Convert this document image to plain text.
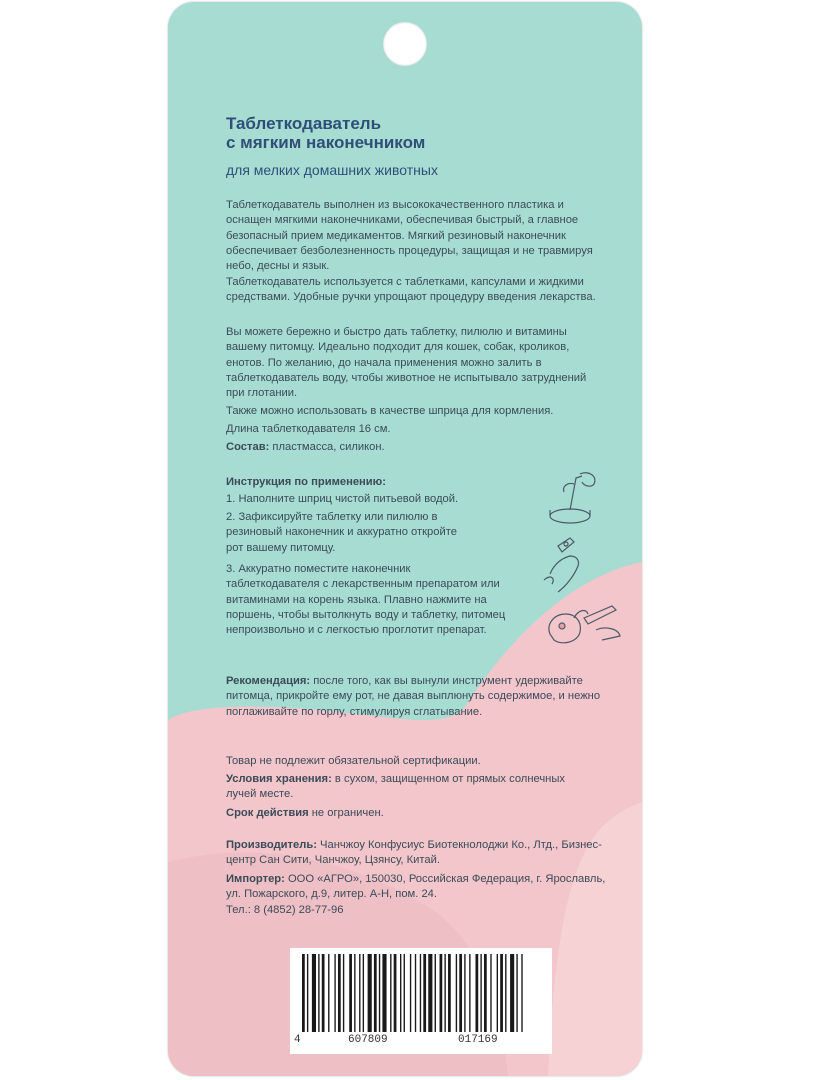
Таблеткодаватель
с мягким наконечником
для мелких домашних животных
Таблеткодаватель выполнен из высококачественного пластика и оснащен мягкими наконечниками, обеспечивая быстрый, а главное безопасный прием медикаментов. Мягкий резиновый наконечник обеспечивает безболезненность процедуры, защищая и не травмируя небо, десны и язык.
Таблеткодаватель используется с таблетками, капсулами и жидкими средствами. Удобные ручки упрощают процедуру введения лекарства.
Вы можете бережно и быстро дать таблетку, пилюлю и витамины вашему питомцу. Идеально подходит для кошек, собак, кроликов, енотов. По желанию, до начала применения можно залить в таблеткодаватель воду, чтобы животное не испытывало затруднений при глотании.
Также можно использовать в качестве шприца для кормления.
Длина таблеткодавателя 16 см.
Состав: пластмасса, силикон.
Инструкция по применению:
1. Наполните шприц чистой питьевой водой.
2. Зафиксируйте таблетку или пилюлю в резиновый наконечник и аккуратно откройте рот вашему питомцу.
3. Аккуратно поместите наконечник таблеткодавателя с лекарственным препаратом или витаминами на корень языка. Плавно нажмите на поршень, чтобы вытолкнуть воду и таблетку, питомец непроизвольно и с легкостью проглотит препарат.
Рекомендация: после того, как вы вынули инструмент удерживайте питомца, прикройте ему рот, не давая выплюнуть содержимое, и нежно поглаживайте по горлу, стимулируя сглатывание.
Товар не подлежит обязательной сертификации.
Условия хранения: в сухом, защищенном от прямых солнечных лучей месте.
Срок действия не ограничен.
Производитель: Чанчжоу Конфусиус Биотекнолоджи Ко., Лтд., Бизнес-центр Сан Сити, Чанчжоу, Цзянсу, Китай.
Импортер: ООО «АГРО», 150030, Российская Федерация, г. Ярославль, ул. Пожарского, д.9, литер. А-Н, пом. 24.
Тел.: 8 (4852) 28-77-96
4	607809	017169
